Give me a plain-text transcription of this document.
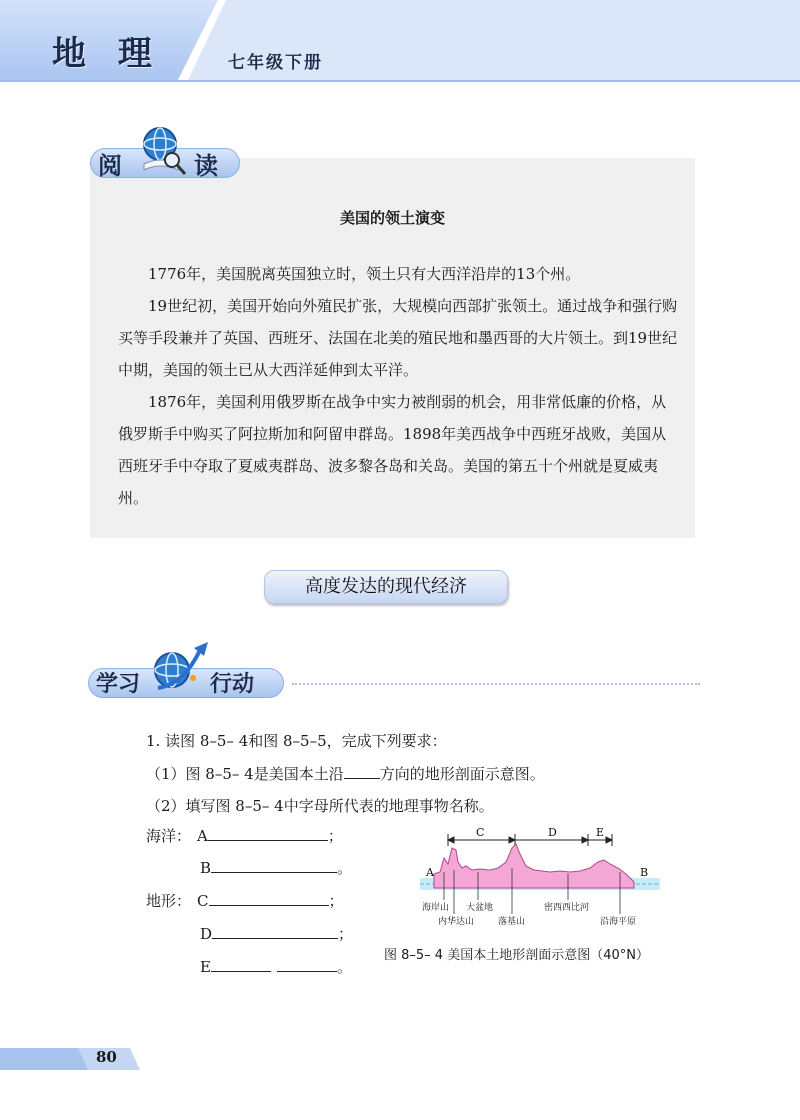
地 理	七年级下册
阅	读
美国的领土演变
1776年，美国脱离英国独立时，领土只有大西洋沿岸的13个州。
19世纪初，美国开始向外殖民扩张，大规模向西部扩张领土。通过战争和强行购买等手段兼并了英国、西班牙、法国在北美的殖民地和墨西哥的大片领土。到19世纪中期，美国的领土已从大西洋延伸到太平洋。
1876年，美国利用俄罗斯在战争中实力被削弱的机会，用非常低廉的价格，从俄罗斯手中购买了阿拉斯加和阿留申群岛。1898年美西战争中西班牙战败，美国从西班牙手中夺取了夏威夷群岛、波多黎各岛和关岛。美国的第五十个州就是夏威夷州。
高度发达的现代经济
学习	行动
1. 读图 8–5– 4和图 8–5–5，完成下列要求：
（1）图 8–5– 4是美国本土沿 方向的地形剖面示意图。
（2）填写图 8–5– 4中字母所代表的地理事物名称。
海洋： A	；
B	。
地形： C	；
D	；
E	。
C	D	E
A	B
海岸山
内华达山
大盆地
落基山
密西西比河
沿海平原
图 8–5– 4 美国本土地形剖面示意图（40°N）
80
